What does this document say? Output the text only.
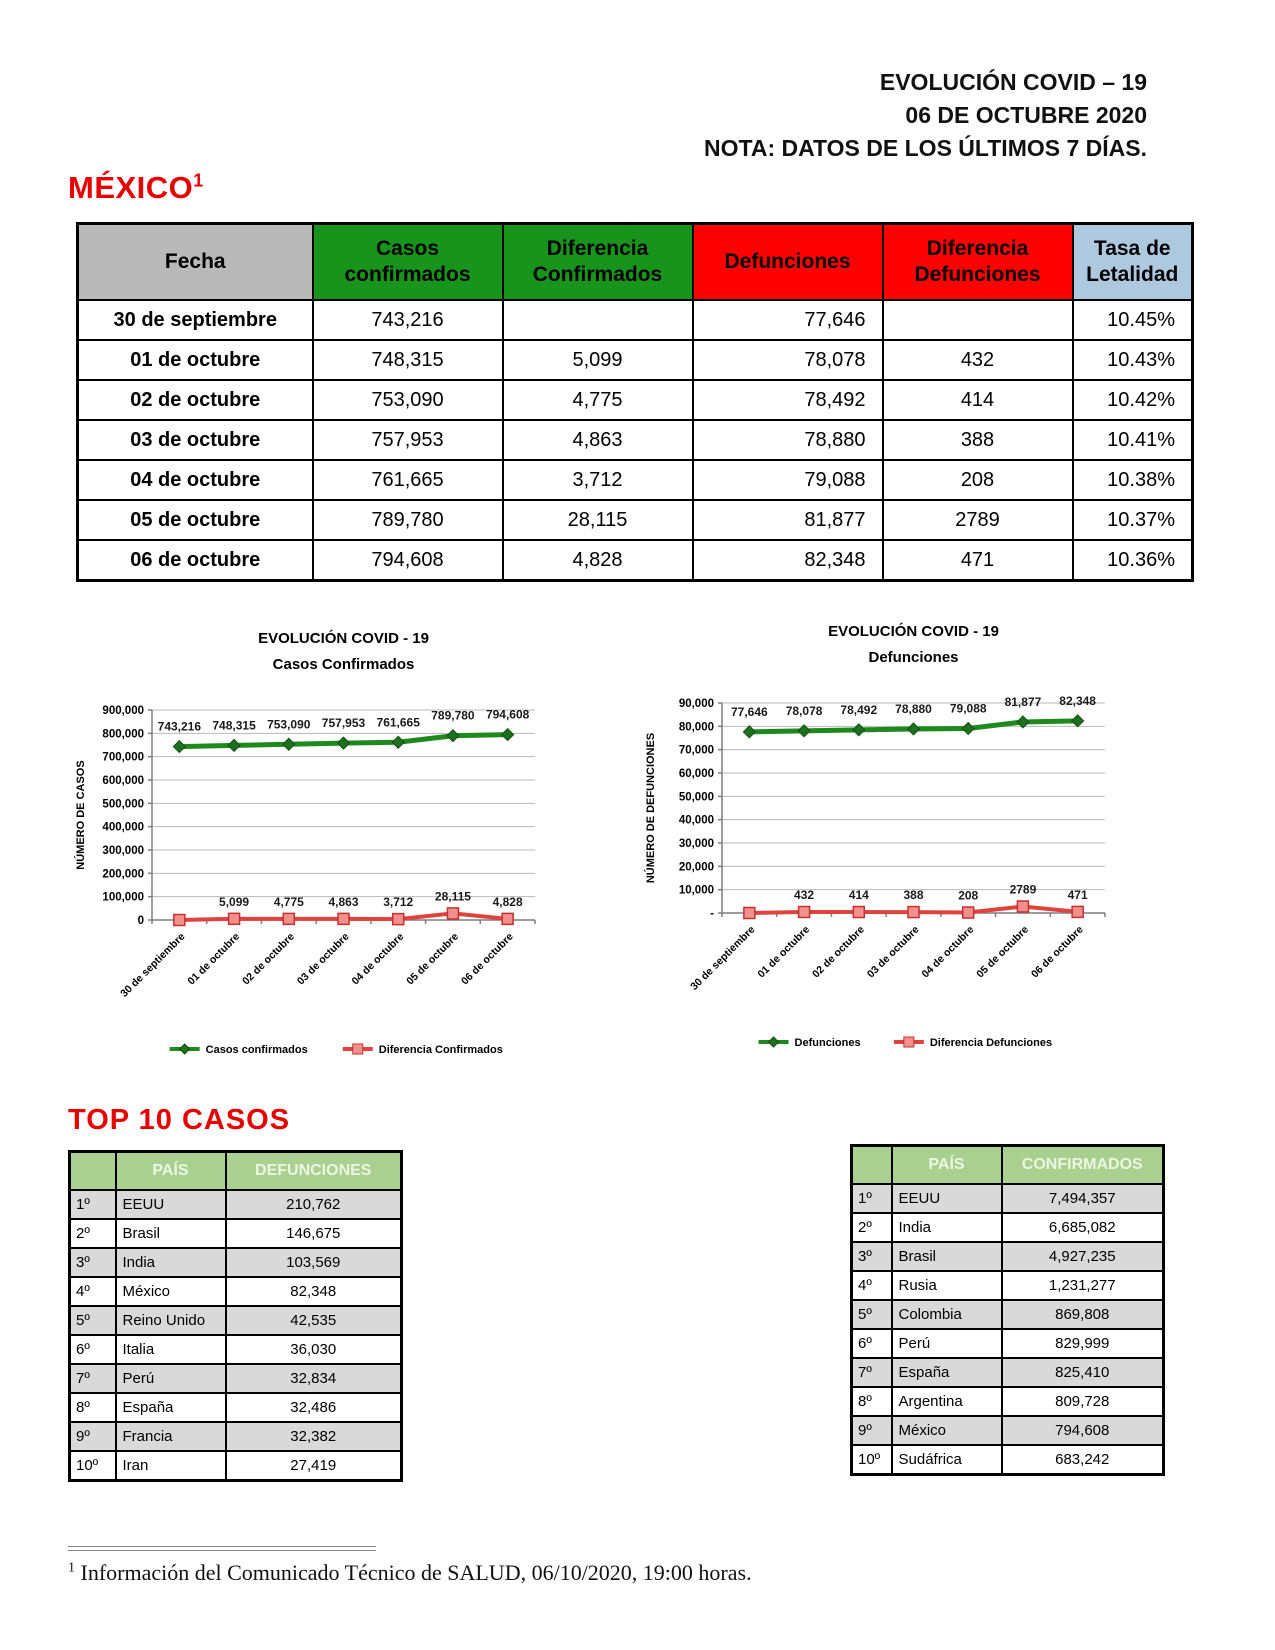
EVOLUCIÓN COVID – 19
06 DE OCTUBRE 2020
NOTA: DATOS DE LOS ÚLTIMOS 7 DÍAS.
MÉXICO$^1$
Fecha	Casos confirmados	Diferencia Confirmados	Defunciones	Diferencia Defunciones	Tasa de Letalidad
30 de septiembre	743,216		77,646		10.45%
01 de octubre	748,315	5,099	78,078	432	10.43%
02 de octubre	753,090	4,775	78,492	414	10.42%
03 de octubre	757,953	4,863	78,880	388	10.41%
04 de octubre	761,665	3,712	79,088	208	10.38%
05 de octubre	789,780	28,115	81,877	2789	10.37%
06 de octubre	794,608	4,828	82,348	471	10.36%
EVOLUCIÓN COVID - 19
Casos Confirmados
NÚMERO DE CASOS
900,000
800,000
700,000
600,000
500,000
400,000
300,000
200,000
100,000
0
30 de septiembre
01 de octubre
02 de octubre
03 de octubre
04 de octubre
05 de octubre
06 de octubre
743,216 748,315 753,090 757,953 761,665 789,780 794,608
5,099 4,775 4,863 3,712 28,115 4,828
Casos confirmados	Diferencia Confirmados
EVOLUCIÓN COVID - 19
Defunciones
NÚMERO DE DEFUNCIONES
90,000
80,000
70,000
60,000
50,000
40,000
30,000
20,000
10,000
-
30 de septiembre
01 de octubre
02 de octubre
03 de octubre
04 de octubre
05 de octubre
06 de octubre
77,646 78,078 78,492 78,880 79,088 81,877 82,348
432	414	388	208	2789	471
Defunciones	Diferencia Defunciones
TOP 10 CASOS
	PAÍS	DEFUNCIONES
1º	EEUU	210,762
2º	Brasil	146,675
3º	India	103,569
4º	México	82,348
5º	Reino Unido	42,535
6º	Italia	36,030
7º	Perú	32,834
8º	España	32,486
9º	Francia	32,382
10º	Iran	27,419
	PAÍS	CONFIRMADOS
1º	EEUU	7,494,357
2º	India	6,685,082
3º	Brasil	4,927,235
4º	Rusia	1,231,277
5º	Colombia	869,808
6º	Perú	829,999
7º	España	825,410
8º	Argentina	809,728
9º	México	794,608
10º	Sudáfrica	683,242
$^1$ Información del Comunicado Técnico de SALUD, 06/10/2020, 19:00 horas.
